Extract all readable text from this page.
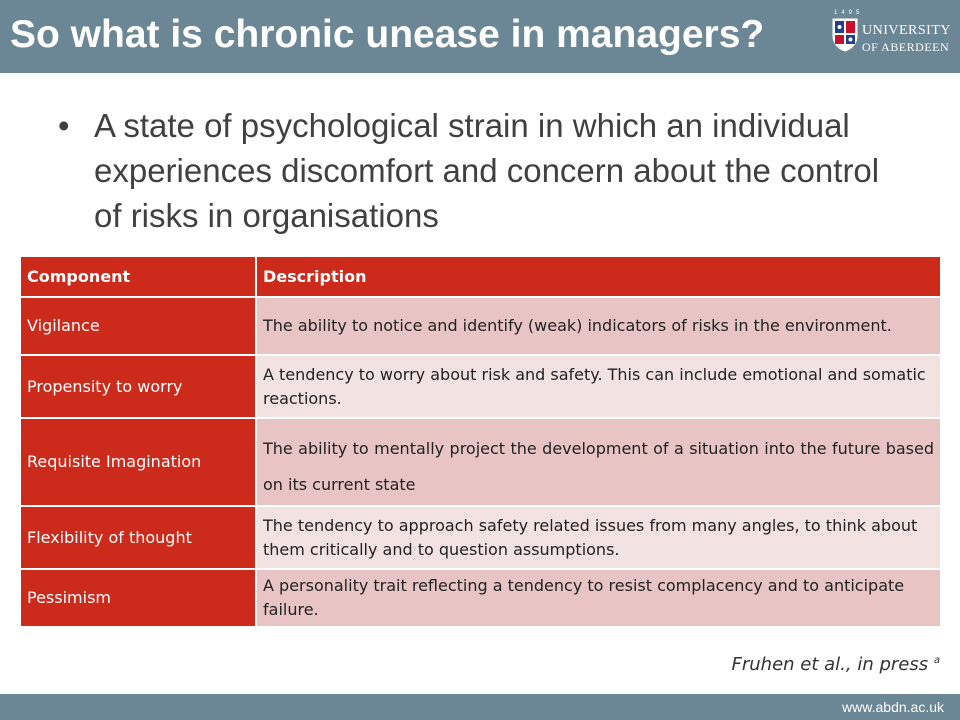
So what is chronic unease in managers?	1495
UNIVERSITY
OF ABERDEEN
• A state of psychological strain in which an individual experiences discomfort and concern about the control of risks in organisations
Component	Description
Vigilance	The ability to notice and identify (weak) indicators of risks in the environment.
Propensity to worry	A tendency to worry about risk and safety. This can include emotional and somatic reactions.
Requisite Imagination	The ability to mentally project the development of a situation into the future based on its current state
Flexibility of thought	The tendency to approach safety related issues from many angles, to think about them critically and to question assumptions.
Pessimism	A personality trait reflecting a tendency to resist complacency and to anticipate failure.
Fruhen et al., in press $^a$
www.abdn.ac.uk
